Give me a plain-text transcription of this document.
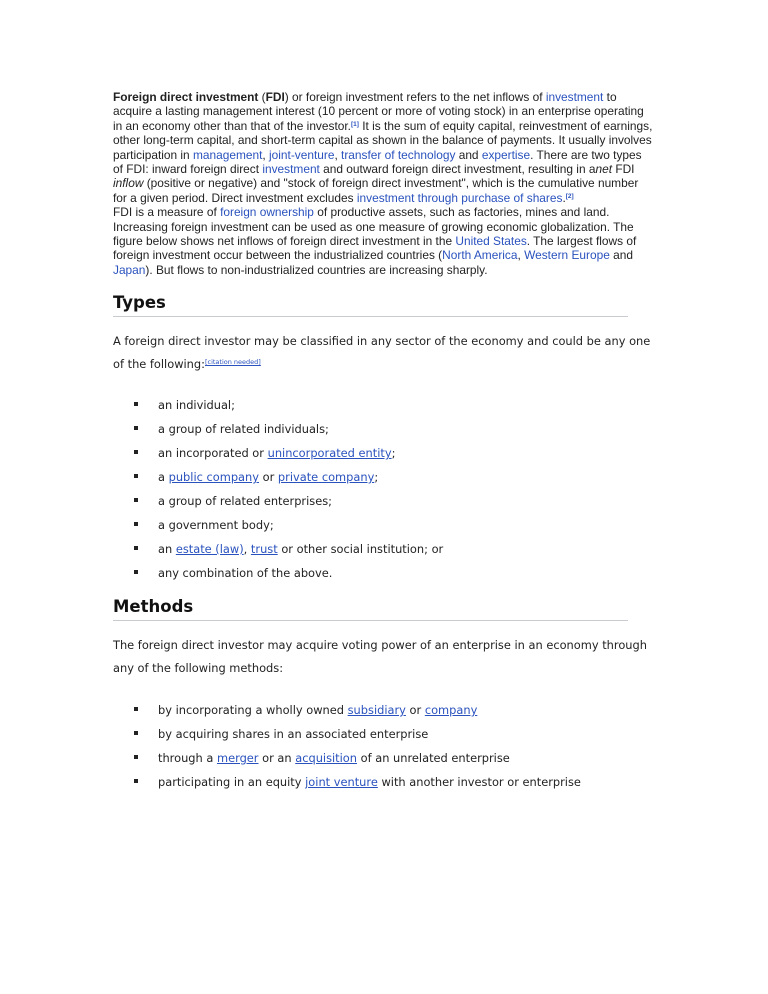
Foreign direct investment (FDI) or foreign investment refers to the net inflows of investment to acquire a lasting management interest (10 percent or more of voting stock) in an enterprise operating in an economy other than that of the investor.[1] It is the sum of equity capital, reinvestment of earnings, other long-term capital, and short-term capital as shown in the balance of payments. It usually involves participation in management, joint-venture, transfer of technology and expertise. There are two types of FDI: inward foreign direct investment and outward foreign direct investment, resulting in anet FDI inflow (positive or negative) and "stock of foreign direct investment", which is the cumulative number for a given period. Direct investment excludes investment through purchase of shares.[2]

FDI is a measure of foreign ownership of productive assets, such as factories, mines and land. Increasing foreign investment can be used as one measure of growing economic globalization. The figure below shows net inflows of foreign direct investment in the United States. The largest flows of foreign investment occur between the industrialized countries (North America, Western Europe and Japan). But flows to non-industrialized countries are increasing sharply.

Types

A foreign direct investor may be classified in any sector of the economy and could be any one of the following:[citation needed]

an individual;
a group of related individuals;
an incorporated or unincorporated entity;
a public company or private company;
a group of related enterprises;
a government body;
an estate (law), trust or other social institution; or
any combination of the above.
Methods

The foreign direct investor may acquire voting power of an enterprise in an economy through any of the following methods:

by incorporating a wholly owned subsidiary or company
by acquiring shares in an associated enterprise
through a merger or an acquisition of an unrelated enterprise
participating in an equity joint venture with another investor or enterprise
